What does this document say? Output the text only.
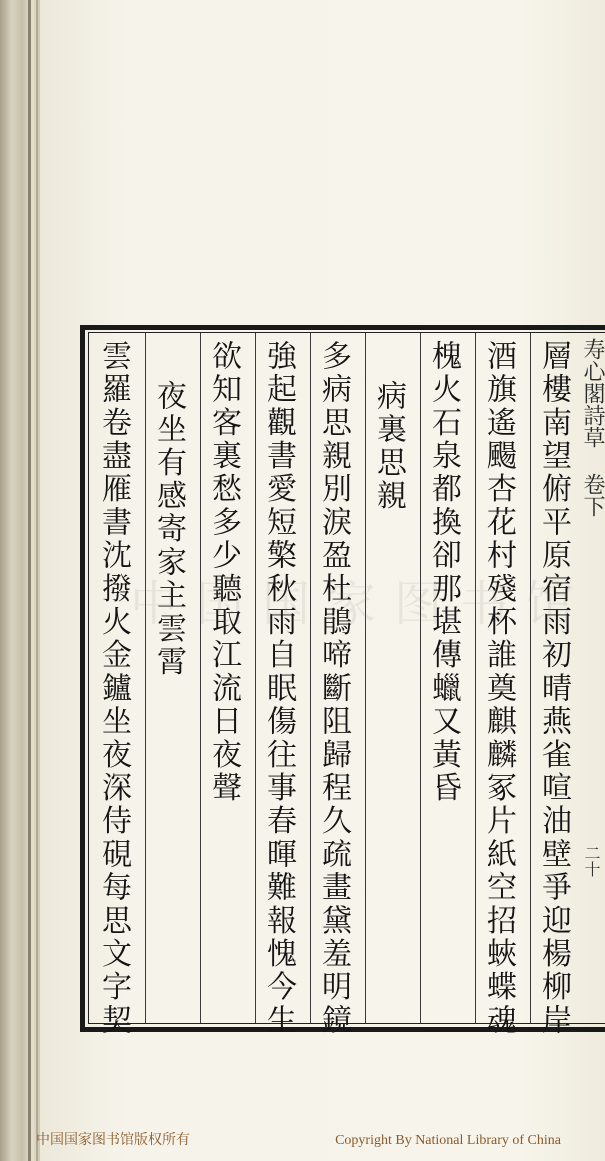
寿心閣詩草 卷下
二十
層樓南望俯平原宿雨初晴燕雀喧油壁爭迎楊柳岸
酒旗遙颺杏花村殘杯誰奠麒麟冢片紙空招蛺蝶魂
槐火石泉都換卻那堪傳蠟又黃昏
病裏思親
多病思親別淚盈杜鵑啼斷阻歸程久疏畫黛羞明鏡
強起觀書愛短檠秋雨自眠傷往事春暉難報愧今生
欲知客裏愁多少聽取江流日夜聲
夜坐有感寄家主雲霄
雲羅卷盡雁書沈撥火金鑪坐夜深侍硯每思文字契 中国国家图书馆
中国国家图书馆版权所有	Copyright By National Library of China
